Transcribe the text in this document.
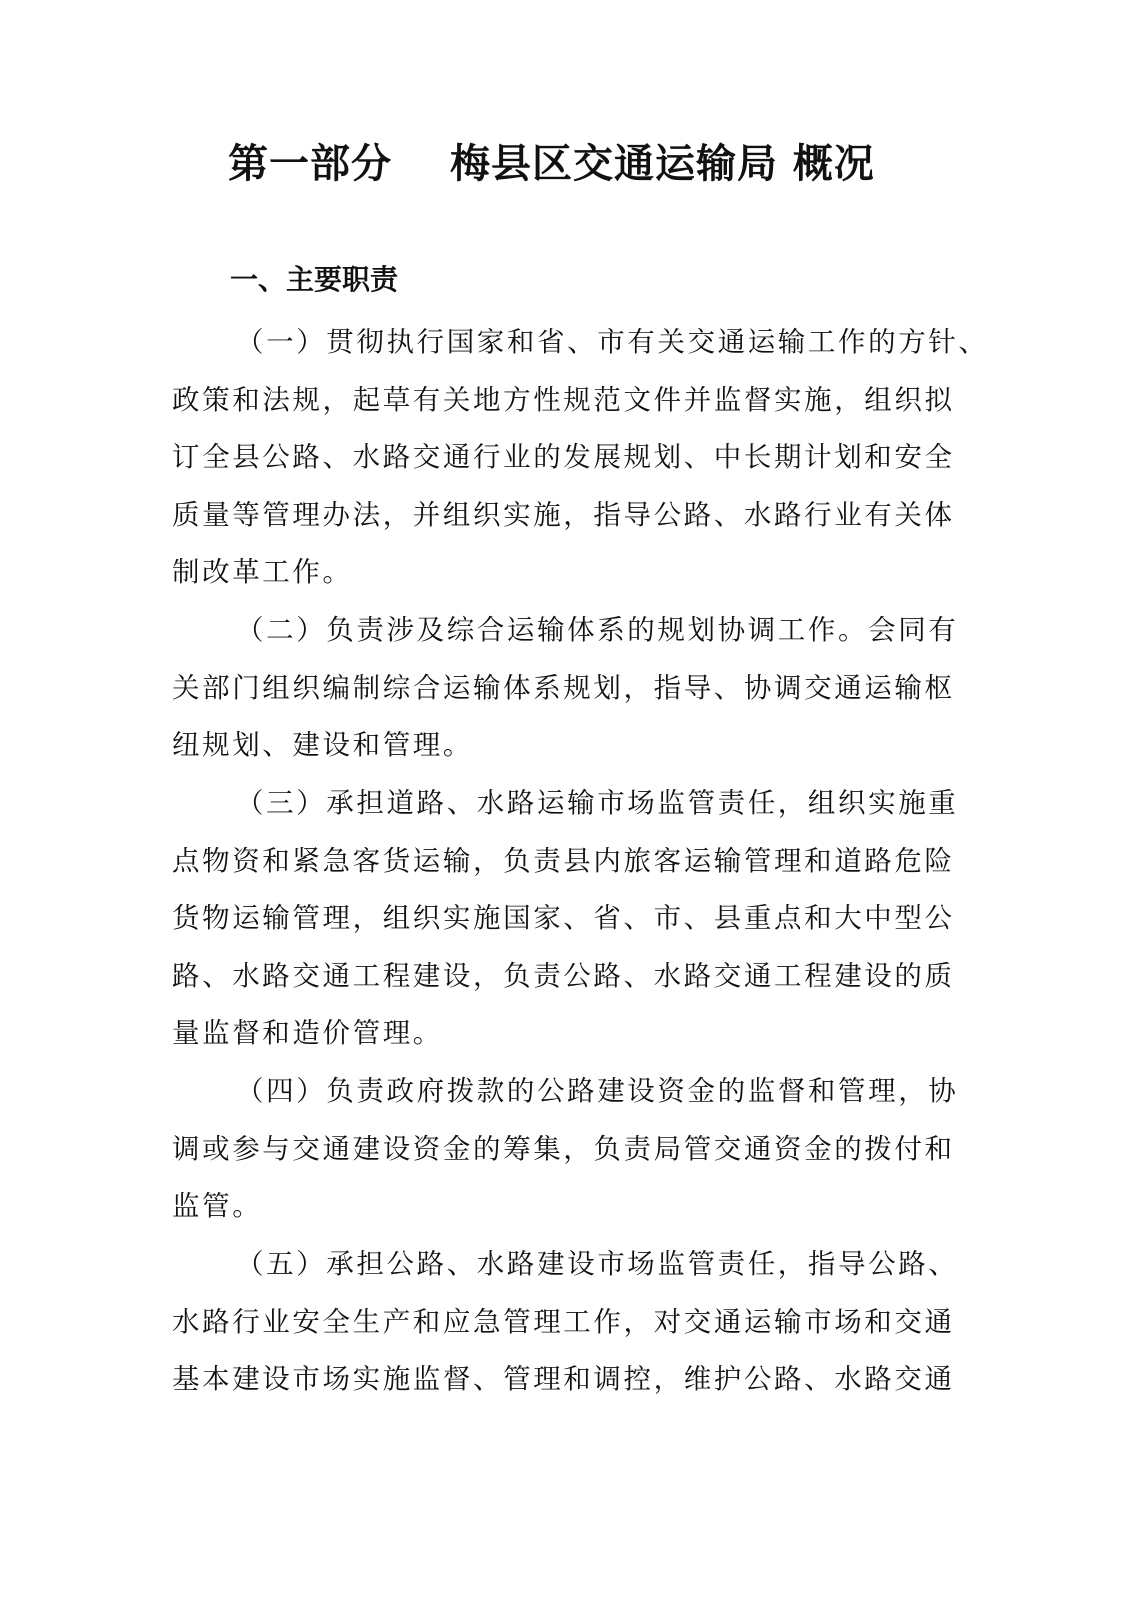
第一部分 梅县区交通运输局 概况
一、主要职责
（一）贯彻执行国家和省、市有关交通运输工作的方针、
政策和法规，起草有关地方性规范文件并监督实施，组织拟
订全县公路、水路交通行业的发展规划、中长期计划和安全
质量等管理办法，并组织实施，指导公路、水路行业有关体
制改革工作。
（二）负责涉及综合运输体系的规划协调工作。会同有
关部门组织编制综合运输体系规划，指导、协调交通运输枢
纽规划、建设和管理。
（三）承担道路、水路运输市场监管责任，组织实施重
点物资和紧急客货运输，负责县内旅客运输管理和道路危险
货物运输管理，组织实施国家、省、市、县重点和大中型公
路、水路交通工程建设，负责公路、水路交通工程建设的质
量监督和造价管理。
（四）负责政府拨款的公路建设资金的监督和管理，协
调或参与交通建设资金的筹集，负责局管交通资金的拨付和
监管。
（五）承担公路、水路建设市场监管责任，指导公路、
水路行业安全生产和应急管理工作，对交通运输市场和交通
基本建设市场实施监督、管理和调控，维护公路、水路交通
